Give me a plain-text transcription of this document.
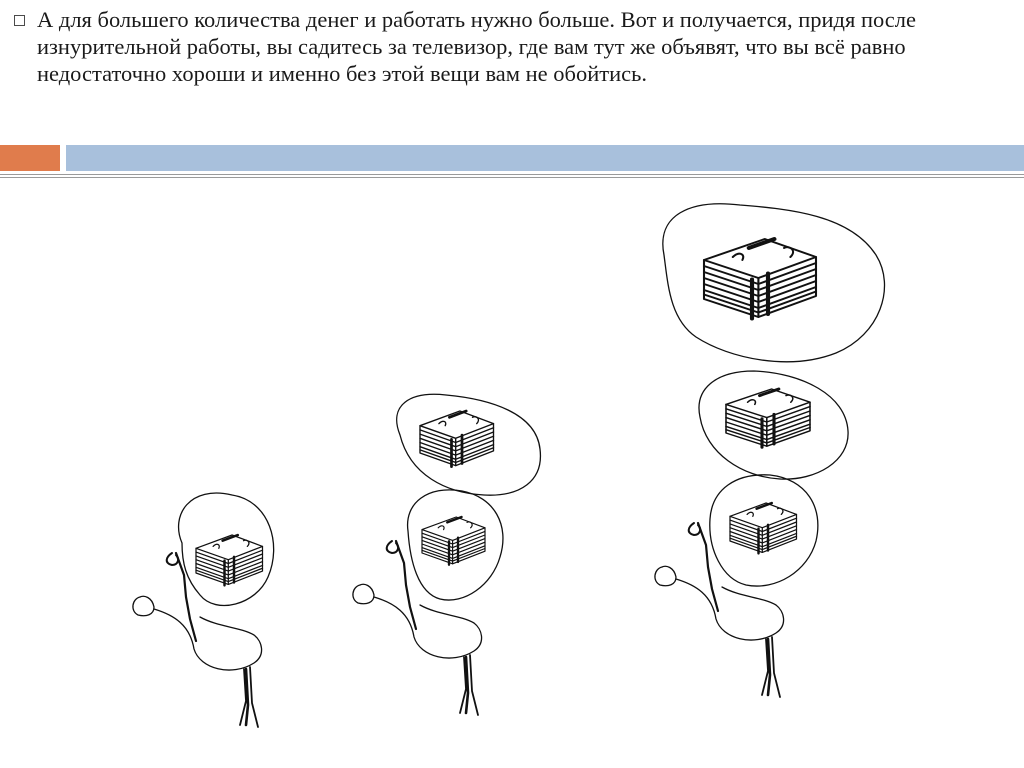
А для большего количества денег и работать нужно больше. Вот и получается, придя после изнурительной работы, вы садитесь за телевизор, где вам тут же объявят, что вы всё равно недостаточно хороши и именно без этой вещи вам не обойтись.
